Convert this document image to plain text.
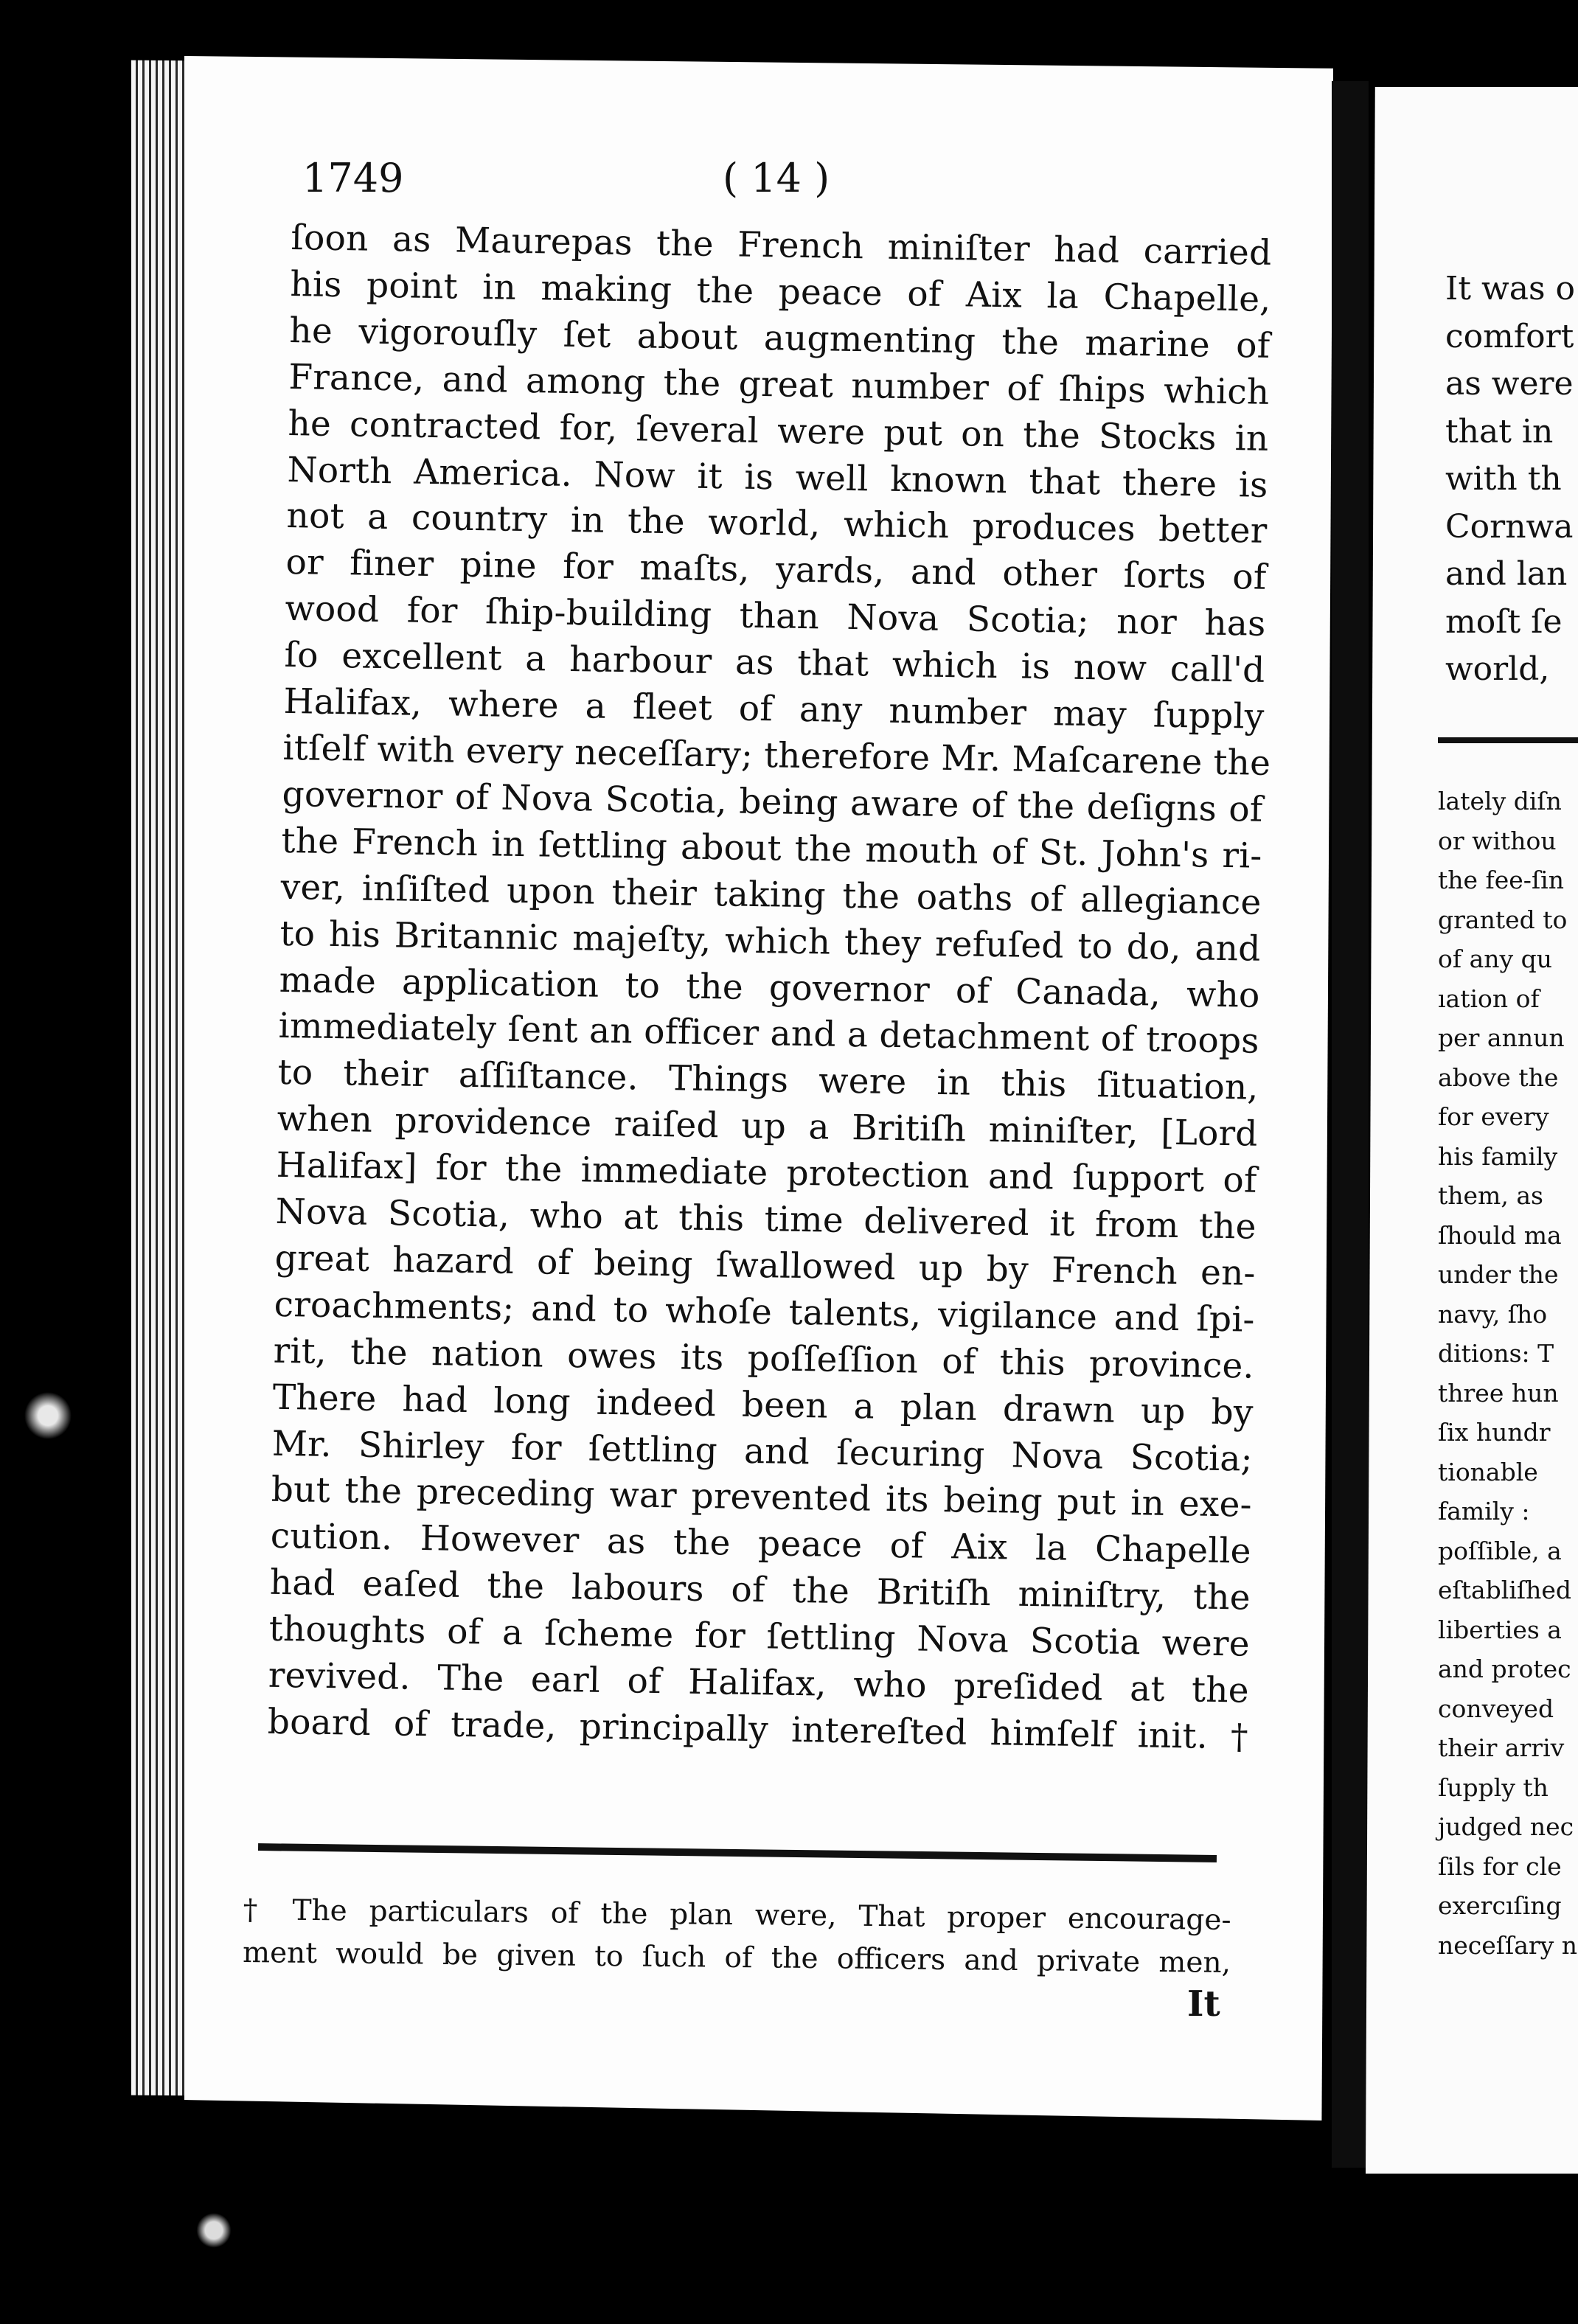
1749	( 14 )
ſoon as Maurepas the French miniſter had carried
his point in making the peace of Aix la Chapelle,
he vigorouſly ſet about augmenting the marine of
France, and among the great number of ſhips which
he contracted for, ſeveral were put on the Stocks in
North America. Now it is well known that there is
not a country in the world, which produces better
or finer pine for maſts, yards, and other ſorts of
wood for ſhip-building than Nova Scotia; nor has
ſo excellent a harbour as that which is now call'd
Halifax, where a fleet of any number may ſupply
itſelf with every neceſſary; therefore Mr. Maſcarene the
governor of Nova Scotia, being aware of the deſigns of
the French in ſettling about the mouth of St. John's ri-
ver, inſiſted upon their taking the oaths of allegiance
to his Britannic majeſty, which they refuſed to do, and
made application to the governor of Canada, who
immediately ſent an officer and a detachment of troops
to their aſſiſtance. Things were in this ſituation,
when providence raiſed up a Britiſh miniſter, [Lord
Halifax] for the immediate protection and ſupport of
Nova Scotia, who at this time delivered it from the
great hazard of being ſwallowed up by French en-
croachments; and to whoſe talents, vigilance and ſpi-
rit, the nation owes its poſſeſſion of this province.
There had long indeed been a plan drawn up by
Mr. Shirley for ſettling and ſecuring Nova Scotia;
but the preceding war prevented its being put in exe-
cution. However as the peace of Aix la Chapelle
had eaſed the labours of the Britiſh miniſtry, the
thoughts of a ſcheme for ſettling Nova Scotia were
revived. The earl of Halifax, who preſided at the
board of trade, principally intereſted himſelf init. †
† The particulars of the plan were, That proper encourage-
ment would be given to ſuch of the officers and private men,
It
It was o
comfort
as were
that in
with th
Cornwa
and lan
moſt ſe
world,
lately diſn
or withou
the fee-ſin
granted to
of any qu
ıation of
per annun
above the
for every
his family
them, as
ſhould ma
under the
navy, ſho
ditions: T
three hun
ſix hundr
tionable
family :
poſſible, a
eſtabliſhed
liberties a
and protec
conveyed
their arriv
ſupply th
judged nec
ſils for cle
exercıſing
neceſſary n
